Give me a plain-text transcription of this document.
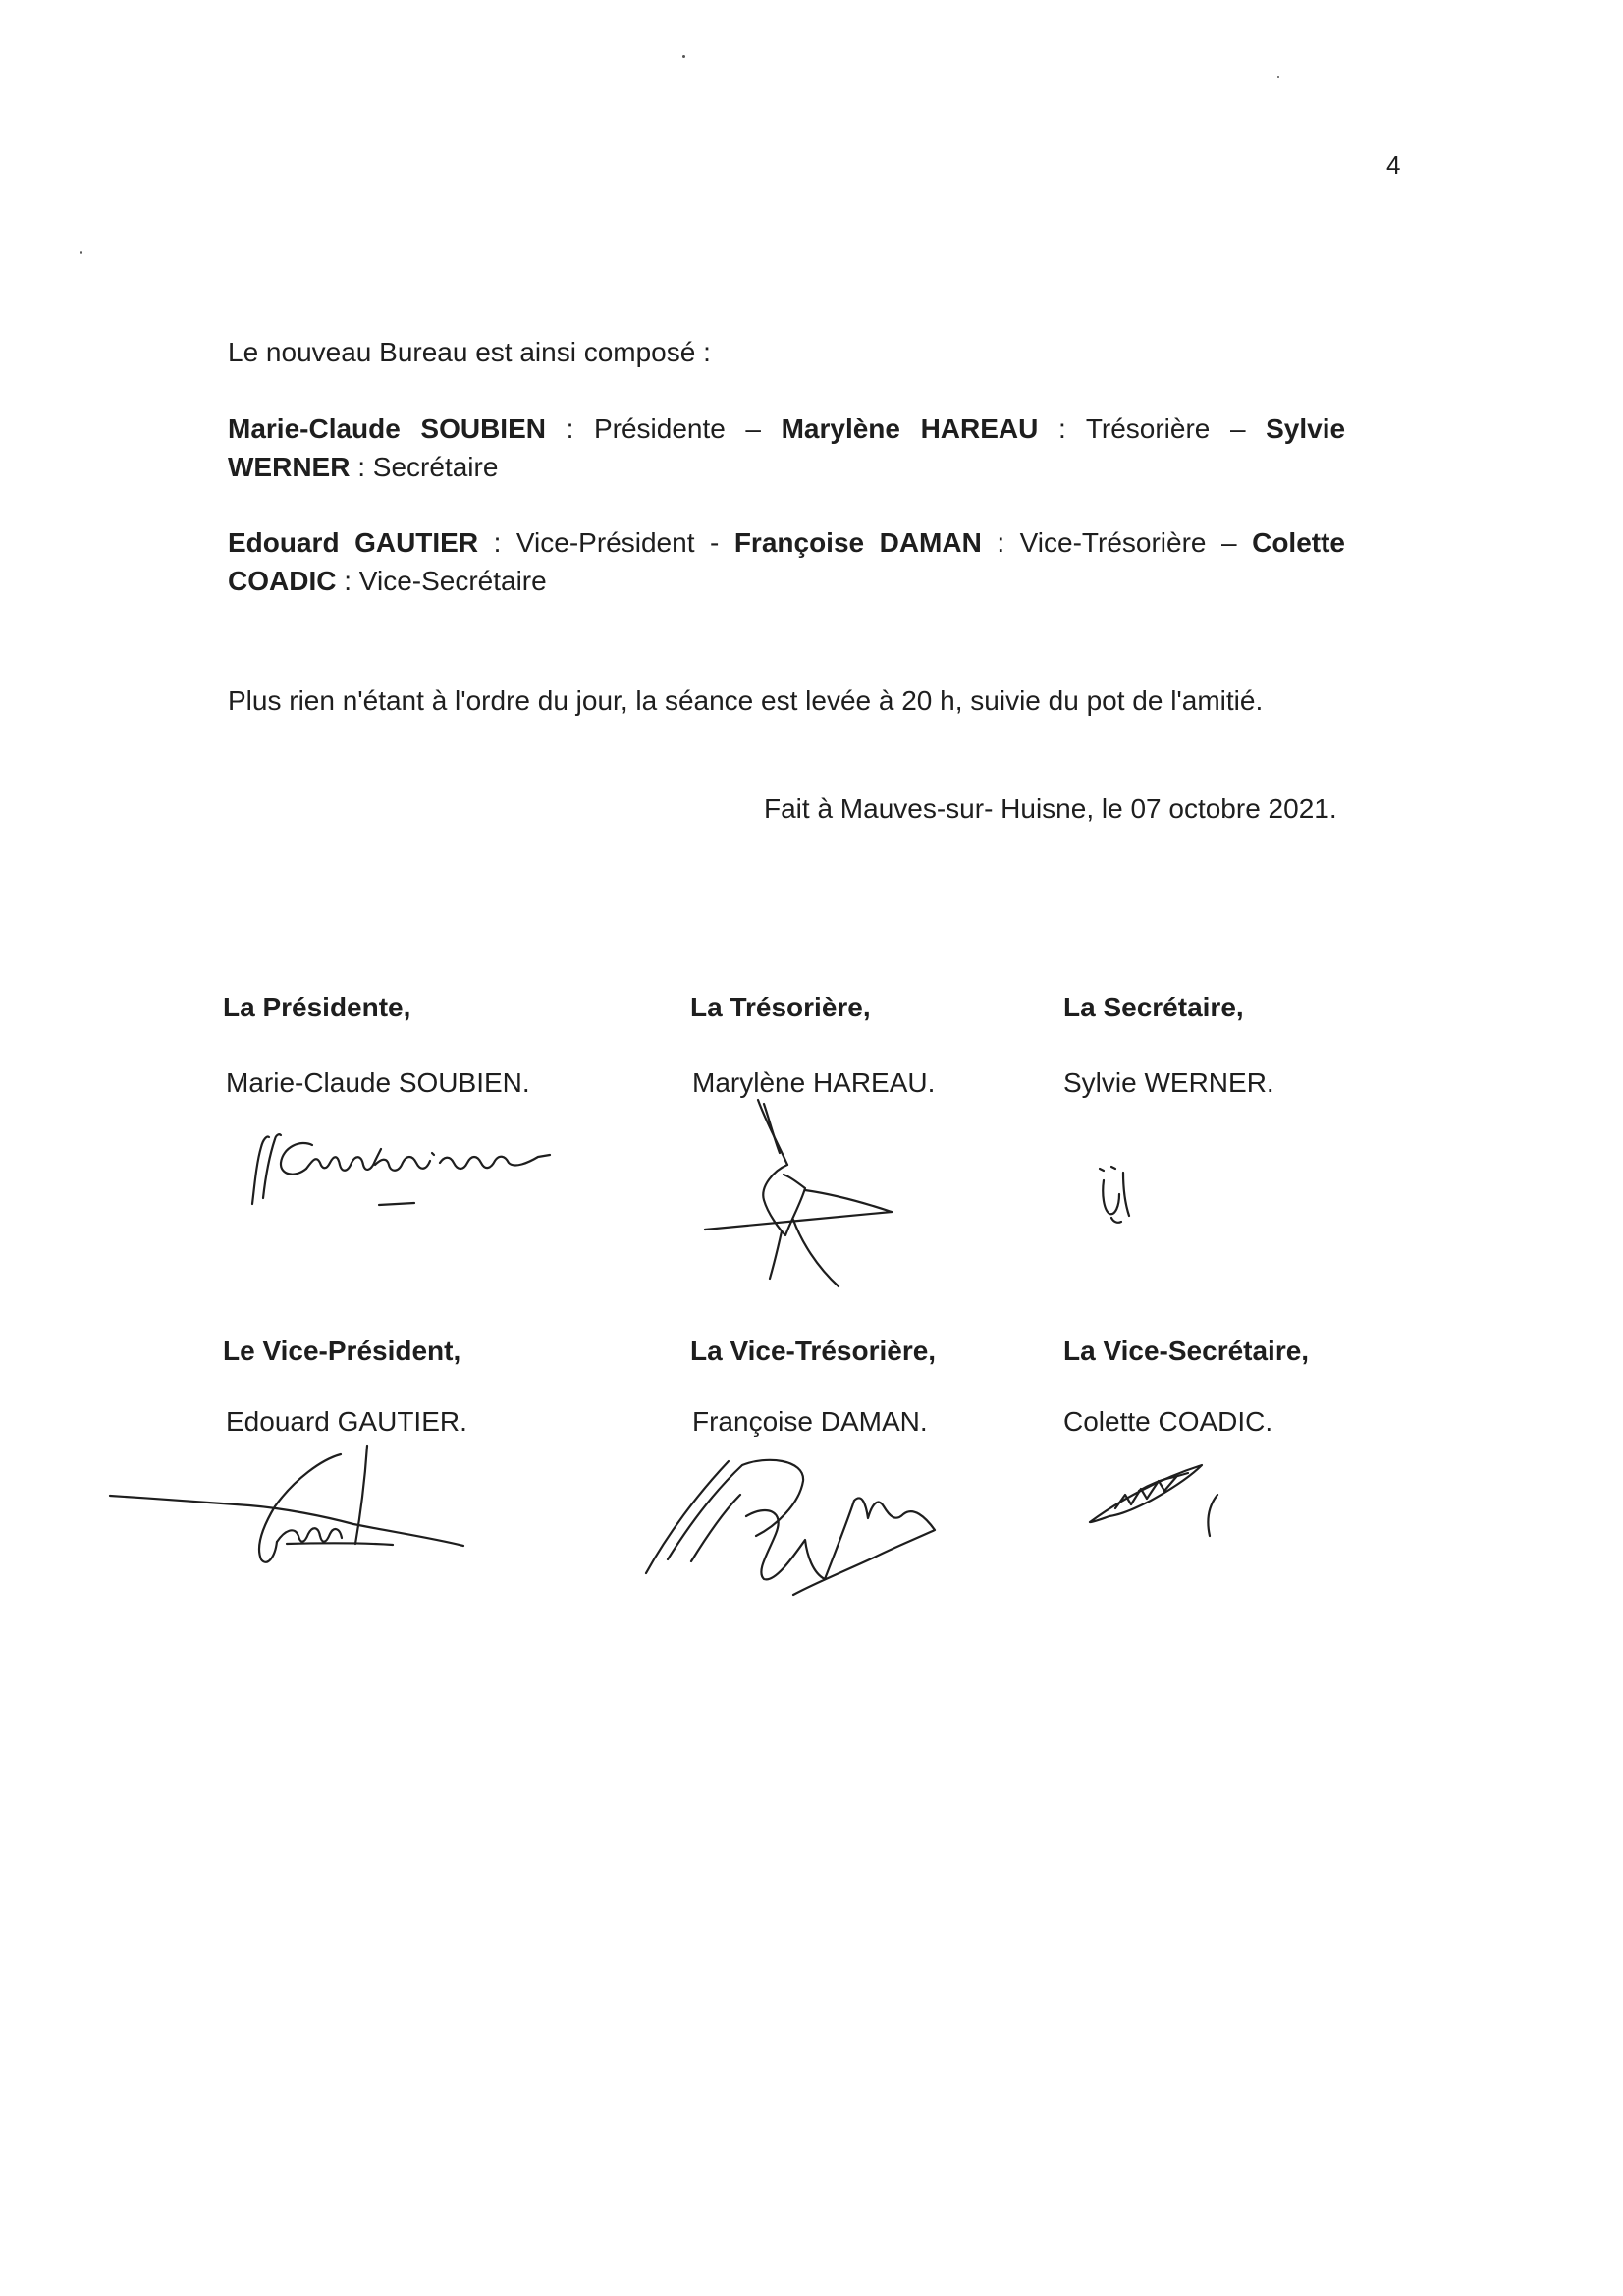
4
Le nouveau Bureau est ainsi composé :
Marie-Claude SOUBIEN : Présidente – Marylène HAREAU : Trésorière – Sylvie
WERNER : Secrétaire
Edouard GAUTIER : Vice-Président - Françoise DAMAN : Vice-Trésorière – Colette
COADIC : Vice-Secrétaire
Plus rien n'étant à l'ordre du jour, la séance est levée à 20 h, suivie du pot de l'amitié.
Fait à Mauves-sur- Huisne, le 07 octobre 2021.
La Présidente,	La Trésorière,	La Secrétaire,
Marie-Claude SOUBIEN.	Marylène HAREAU.	Sylvie WERNER.
Le Vice-Président,	La Vice-Trésorière,	La Vice-Secrétaire,
Edouard GAUTIER.	Françoise DAMAN.	Colette COADIC.
